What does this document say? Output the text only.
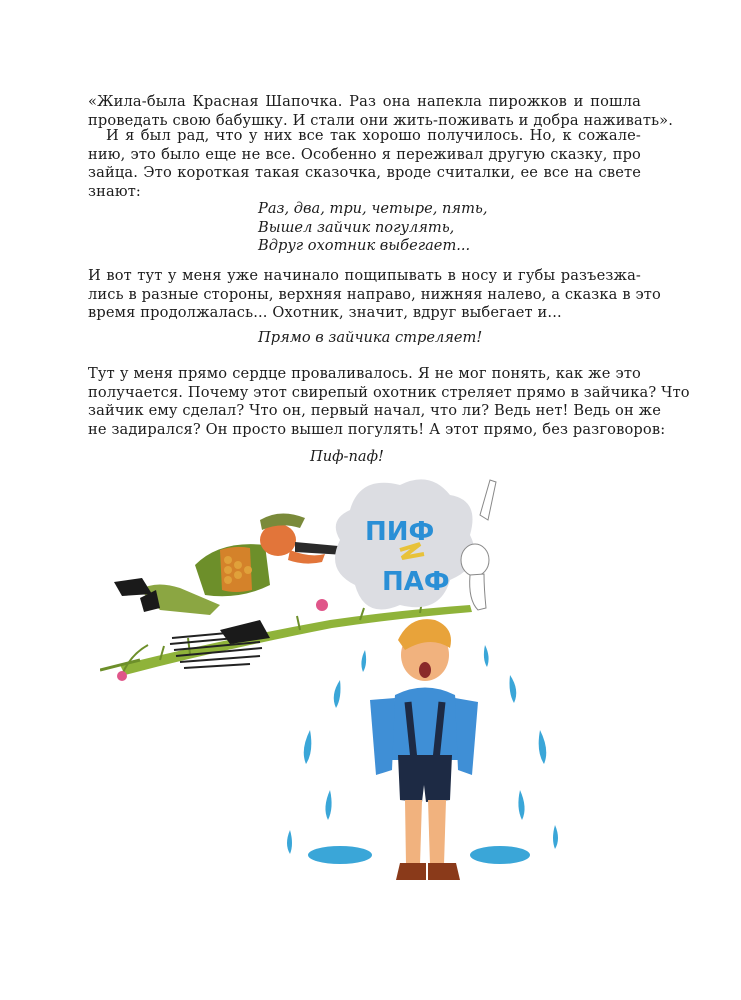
«Жила-была Красная Шапочка. Раз она напекла пирожков и пошла
проведать свою бабушку. И стали они жить-поживать и добра наживать».
И я был рад, что у них все так хорошо получилось. Но, к сожале-
нию, это было еще не все. Особенно я переживал другую сказку, про
зайца. Это короткая такая сказочка, вроде считалки, ее все на свете
знают:
Раз, два, три, четыре, пять,
Вышел зайчик погулять,
Вдруг охотник выбегает...
И вот тут у меня уже начинало пощипывать в носу и губы разъезжа-
лись в разные стороны, верхняя направо, нижняя налево, а сказка в это
время продолжалась... Охотник, значит, вдруг выбегает и...

Прямо в зайчика стреляет!

Тут у меня прямо сердце проваливалось. Я не мог понять, как же это
получается. Почему этот свирепый охотник стреляет прямо в зайчика? Что
зайчик ему сделал? Что он, первый начал, что ли? Ведь нет! Ведь он же
не задирался? Он просто вышел погулять! А этот прямо, без разговоров:

Пиф-паф!

ПИФ
ПАФ
